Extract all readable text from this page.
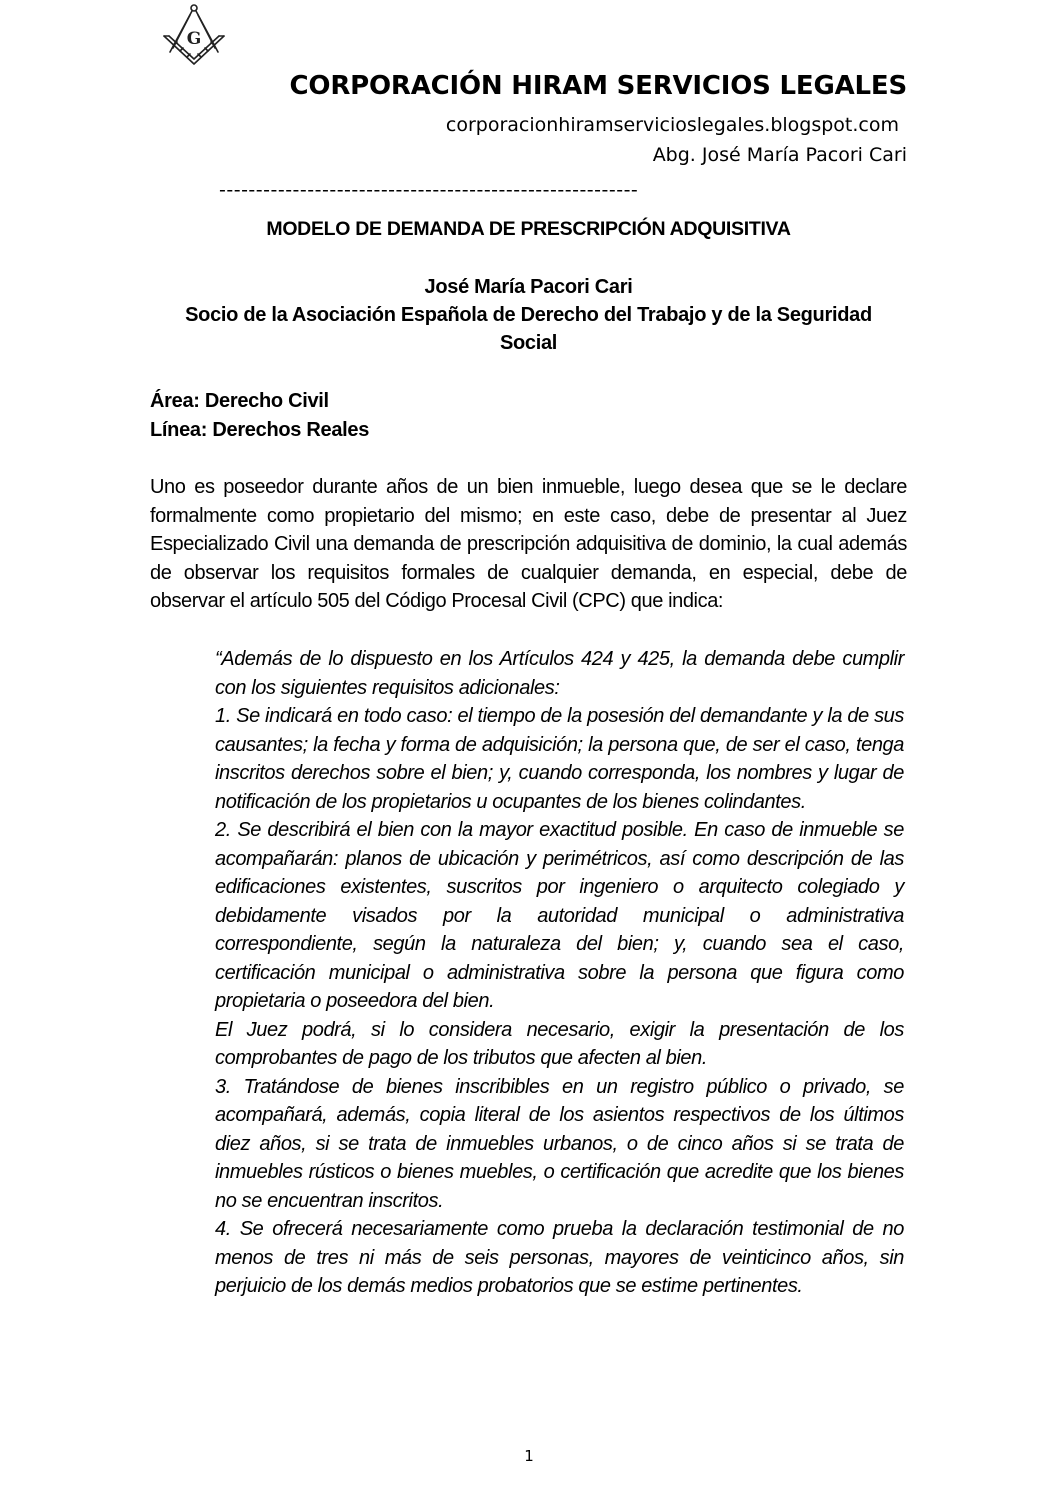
G
CORPORACIÓN HIRAM SERVICIOS LEGALES
corporacionhiramservicioslegales.blogspot.com
Abg. José María Pacori Cari
---------------------------------------------------------
MODELO DE DEMANDA DE PRESCRIPCIÓN ADQUISITIVA
José María Pacori Cari
Socio de la Asociación Española de Derecho del Trabajo y de la Seguridad
Social
Área: Derecho Civil
Línea: Derechos Reales

Uno es poseedor durante años de un bien inmueble, luego desea que se le declare formalmente como propietario del mismo; en este caso, debe de presentar al Juez Especializado Civil una demanda de prescripción adquisitiva de dominio, la cual además de observar los requisitos formales de cualquier demanda, en especial, debe de observar el artículo 505 del Código Procesal Civil (CPC) que indica:

“Además de lo dispuesto en los Artículos 424 y 425, la demanda debe cumplir con los siguientes requisitos adicionales:

1. Se indicará en todo caso: el tiempo de la posesión del demandante y la de sus causantes; la fecha y forma de adquisición; la persona que, de ser el caso, tenga inscritos derechos sobre el bien; y, cuando corresponda, los nombres y lugar de notificación de los propietarios u ocupantes de los bienes colindantes.

2. Se describirá el bien con la mayor exactitud posible. En caso de inmueble se acompañarán: planos de ubicación y perimétricos, así como descripción de las edificaciones existentes, suscritos por ingeniero o arquitecto colegiado y debidamente visados por la autoridad municipal o administrativa correspondiente, según la naturaleza del bien; y, cuando sea el caso, certificación municipal o administrativa sobre la persona que figura como propietaria o poseedora del bien.

El Juez podrá, si lo considera necesario, exigir la presentación de los comprobantes de pago de los tributos que afecten al bien.

3. Tratándose de bienes inscribibles en un registro público o privado, se acompañará, además, copia literal de los asientos respectivos de los últimos diez años, si se trata de inmuebles urbanos, o de cinco años si se trata de inmuebles rústicos o bienes muebles, o certificación que acredite que los bienes no se encuentran inscritos.

4. Se ofrecerá necesariamente como prueba la declaración testimonial de no menos de tres ni más de seis personas, mayores de veinticinco años, sin perjuicio de los demás medios probatorios que se estime pertinentes.

1
